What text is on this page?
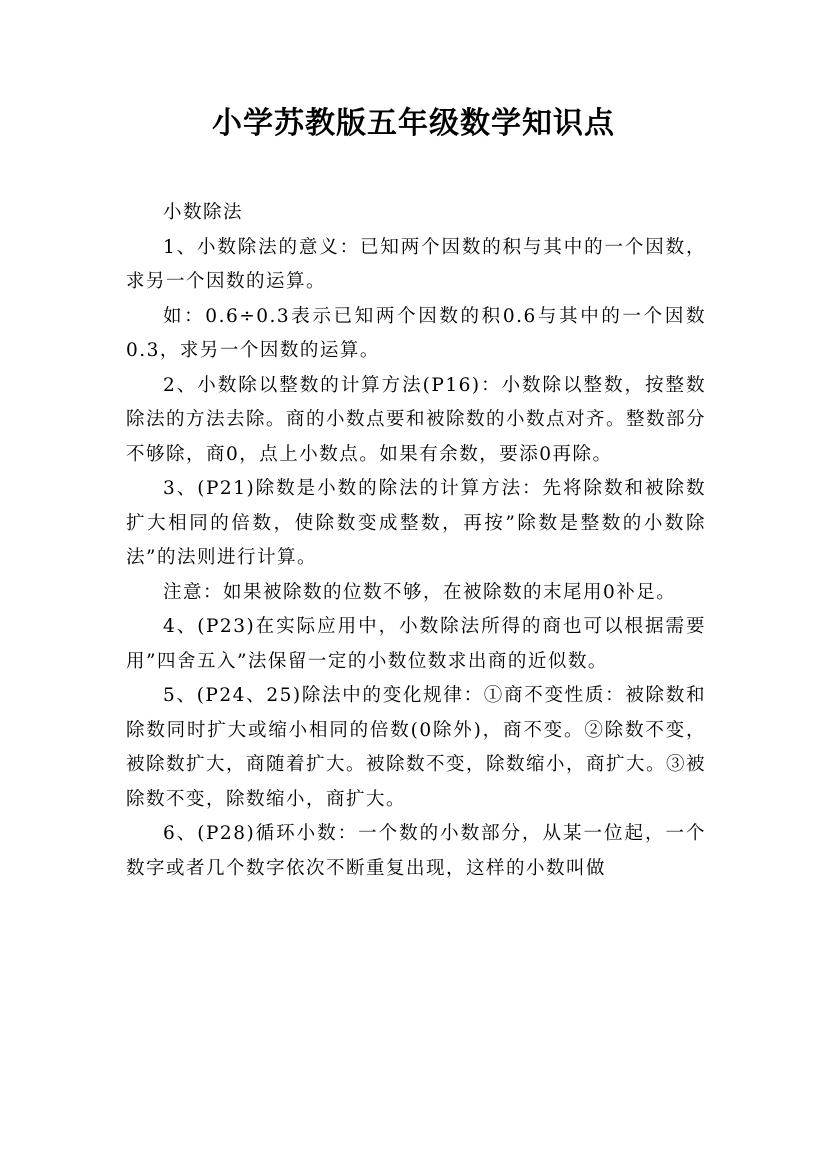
小学苏教版五年级数学知识点

小数除法

1、小数除法的意义：已知两个因数的积与其中的一个因数，求另一个因数的运算。

如：0.6÷0.3表示已知两个因数的积0.6与其中的一个因数0.3，求另一个因数的运算。

2、小数除以整数的计算方法(P16)：小数除以整数，按整数除法的方法去除。商的小数点要和被除数的小数点对齐。整数部分不够除，商0，点上小数点。如果有余数，要添0再除。

3、(P21)除数是小数的除法的计算方法：先将除数和被除数扩大相同的倍数，使除数变成整数，再按”除数是整数的小数除法”的法则进行计算。

注意：如果被除数的位数不够，在被除数的末尾用0补足。

4、(P23)在实际应用中，小数除法所得的商也可以根据需要用”四舍五入”法保留一定的小数位数求出商的近似数。

5、(P24、25)除法中的变化规律：①商不变性质：被除数和除数同时扩大或缩小相同的倍数(0除外)，商不变。②除数不变，被除数扩大，商随着扩大。被除数不变，除数缩小，商扩大。③被除数不变，除数缩小，商扩大。

6、(P28)循环小数：一个数的小数部分，从某一位起，一个数字或者几个数字依次不断重复出现，这样的小数叫做
